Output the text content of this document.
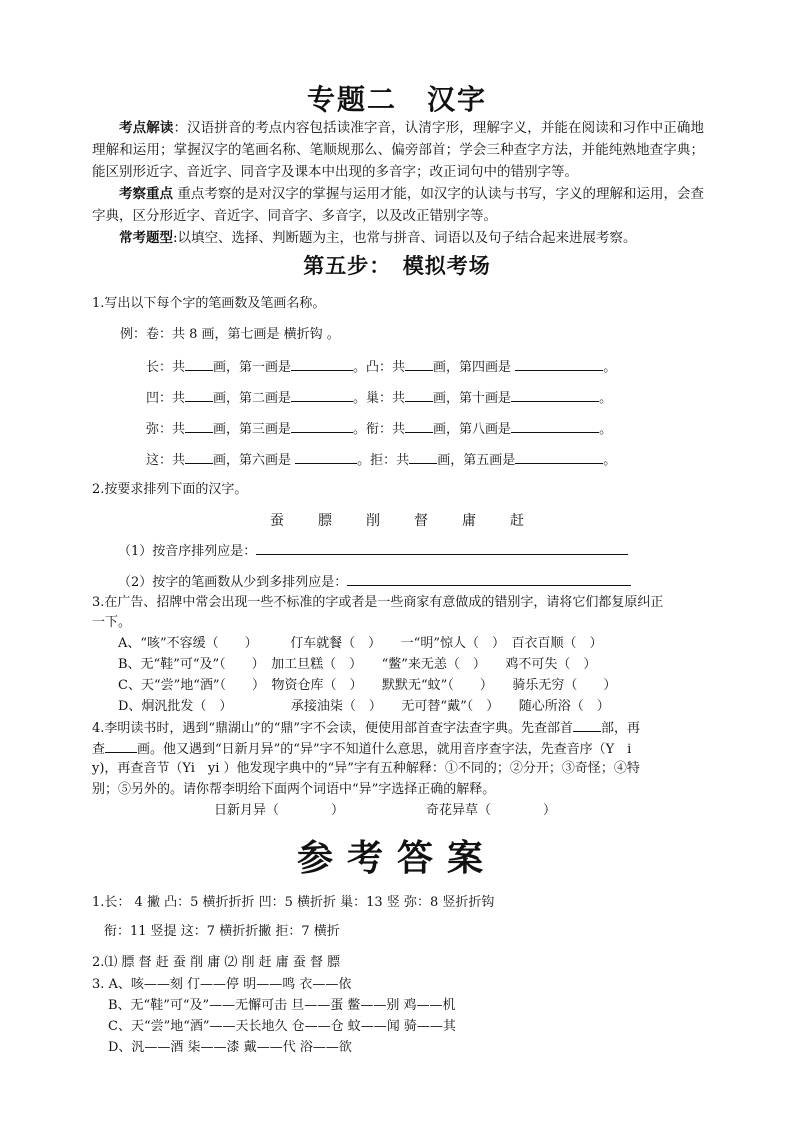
专题二　汉字
考点解读：汉语拼音的考点内容包括读准字音，认清字形，理解字义，并能在阅读和习作中正确地理解和运用；掌握汉字的笔画名称、笔顺规那么、偏旁部首；学会三种查字方法，并能纯熟地查字典；能区别形近字、音近字、同音字及课本中出现的多音字；改正词句中的错别字等。
考察重点 重点考察的是对汉字的掌握与运用才能，如汉字的认读与书写，字义的理解和运用，会查字典，区分形近字、音近字、同音字、多音字，以及改正错别字等。
常考题型:以填空、选择、判断题为主，也常与拼音、词语以及句子结合起来进展考察。
第五步：　模拟考场
1.写出以下每个字的笔画数及笔画名称。
例：卷：共 8 画，第七画是 横折钩 。
长：共 画，第一画是	。凸：共 画，第四画是	。
凹：共 画，第二画是	。巢：共 画，第十画是	。
弥：共 画，第三画是	。衔：共 画，第八画是	。
这：共 画，第六画是	。拒：共 画，第五画是	。
2.按要求排列下面的汉字。
蚕 膘 削 督 庸 赶
（1）按音序排列应是：
（2）按字的笔画数从少到多排列应是：
3.在广告、招牌中常会出现一些不标准的字或者是一些商家有意做成的错别字，请将它们都复原纠正
一下。
A、“咳”不容缓（　　）　　　仃车就餐（　）　　一“明”惊人（　）　百衣百顺（　）
B、无“鞋”可“及”（　　）　加工旦糕（　）　　“鳖”来无恙（　）　　鸡不可失（　）
C、天“尝”地“酒”（　　）　物资仓库（　）　　默默无“蚊”（　　）　　骑乐无穷（　　）
D、炯汎批发（　）　　　　　承接油柒（　）　　无可替“戴”（　）　　随心所浴（　）
4.李明读书时，遇到“鼎湖山”的“鼎”字不会读，便使用部首查字法查字典。先查部首 部，再
查 画。他又遇到“日新月异”的“异”字不知道什么意思，就用音序查字法，先查音序（Y　i
y)，再查音节（Yi　yi ）他发现字典中的“异”字有五种解释：①不同的；②分开；③奇怪；④特
别；⑤另外的。请你帮李明给下面两个词语中“异”字选择正确的解释。
日新月异（　　　　）	奇花异草（　　　　）
参考答案
1.长： 4 撇 凸：5 横折折折 凹：5 横折折 巢：13 竖 弥：8 竖折折钩
衔：11 竖提 这：7 横折折撇 拒：7 横折
2.⑴ 膘 督 赶 蚕 削 庸 ⑵ 削 赶 庸 蚕 督 膘
3. A、咳——刻 仃——停 明——鸣 衣——依
B、无“鞋”可“及”——无懈可击 旦——蛋 鳖——别 鸡——机
C、天“尝”地“酒”——天长地久 仓——仓 蚊——闻 骑——其
D、汎——酒 柒——漆 戴——代 浴——欲
